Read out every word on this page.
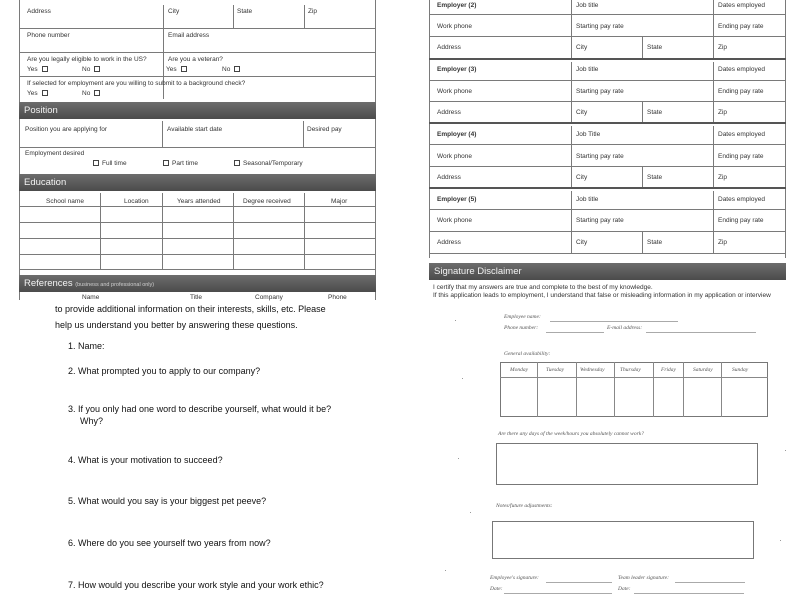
Address	City	State	Zip
Phone number	Email address
Are you legally eligible to work in the US?	Are you a veteran?
Yes	No	Yes	No
If selected for employment are you willing to submit to a background check?
Yes	No
Position
Position you are applying for	Available start date	Desired pay
Employment desired
Full time	Part time	Seasonal/Temporary
Education
School name	Location	Years attended	Degree received	Major
References (business and professional only)
Name	Title	Company	Phone
Employer (2)	Job title	Dates employed
Work phone	Starting pay rate	Ending pay rate
Address	City	State	Zip
Employer (3)	Job title	Dates employed
Work phone	Starting pay rate	Ending pay rate
Address	City	State	Zip
Employer (4)	Job Title	Dates employed
Work phone	Starting pay rate	Ending pay rate
Address	City	State	Zip
Employer (5)	Job title	Dates employed
Work phone	Starting pay rate	Ending pay rate
Address	City	State	Zip
Signature Disclaimer
I certify that my answers are true and complete to the best of my knowledge.
If this application leads to employment, I understand that false or misleading information in my application or interview
to provide additional information on their interests, skills, etc. Please
help us understand you better by answering these questions.
1. Name:
2. What prompted you to apply to our company?
3. If you only had one word to describe yourself, what would it be?
Why?
4. What is your motivation to succeed?
5. What would you say is your biggest pet peeve?
6. Where do you see yourself two years from now?
7. How would you describe your work style and your work ethic?
Employee name:
Phone number:	E-mail address:
General availability:
Monday	Tuesday	Wednesday	Thursday	Friday	Saturday	Sunday
Are there any days of the week/hours you absolutely cannot work?
Notes/future adjustments:
Employee's signature:	Team leader signature:
Date:	Date:
